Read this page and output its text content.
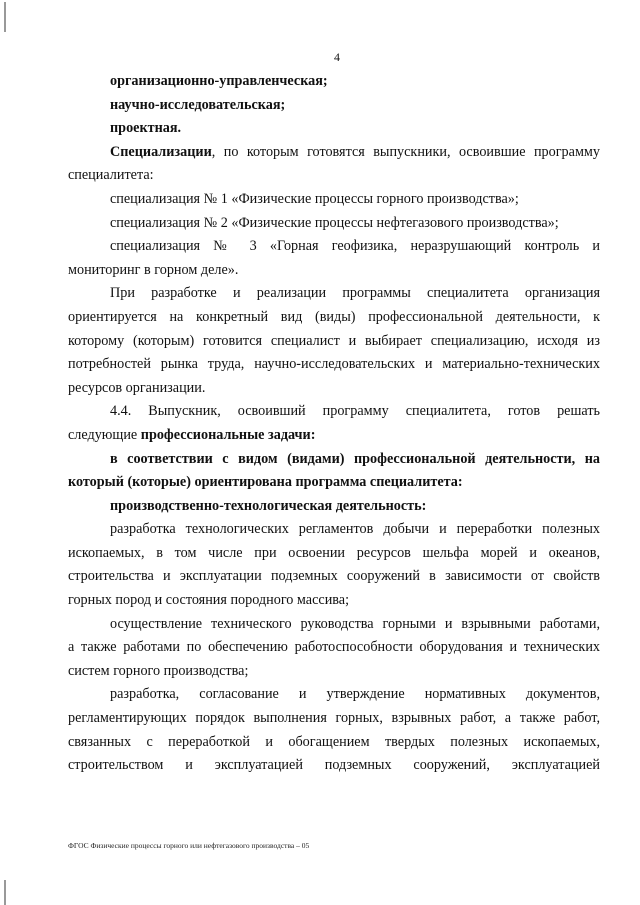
4
организационно-управленческая;
научно-исследовательская;
проектная.
Специализации, по которым готовятся выпускники, освоившие программу
специалитета:
специализация № 1 «Физические процессы горного производства»;
специализация № 2 «Физические процессы нефтегазового производства»;
специализация № 3 «Горная геофизика, неразрушающий контроль и
мониторинг в горном деле».
При разработке и реализации программы специалитета организация
ориентируется на конкретный вид (виды) профессиональной деятельности, к
которому (которым) готовится специалист и выбирает специализацию, исходя из
потребностей рынка труда, научно-исследовательских и материально-технических
ресурсов организации.
4.4. Выпускник, освоивший программу специалитета, готов решать
следующие профессиональные задачи:
в соответствии с видом (видами) профессиональной деятельности, на
который (которые) ориентирована программа специалитета:
производственно-технологическая деятельность:
разработка технологических регламентов добычи и переработки полезных
ископаемых, в том числе при освоении ресурсов шельфа морей и океанов,
строительства и эксплуатации подземных сооружений в зависимости от свойств
горных пород и состояния породного массива;
осуществление технического руководства горными и взрывными работами,
а также работами по обеспечению работоспособности оборудования и технических
систем горного производства;
разработка, согласование и утверждение нормативных документов,
регламентирующих порядок выполнения горных, взрывных работ, а также работ,
связанных с переработкой и обогащением твердых полезных ископаемых,
строительством и эксплуатацией подземных сооружений, эксплуатацией
ФГОС Физические процессы горного или нефтегазового производства – 05
